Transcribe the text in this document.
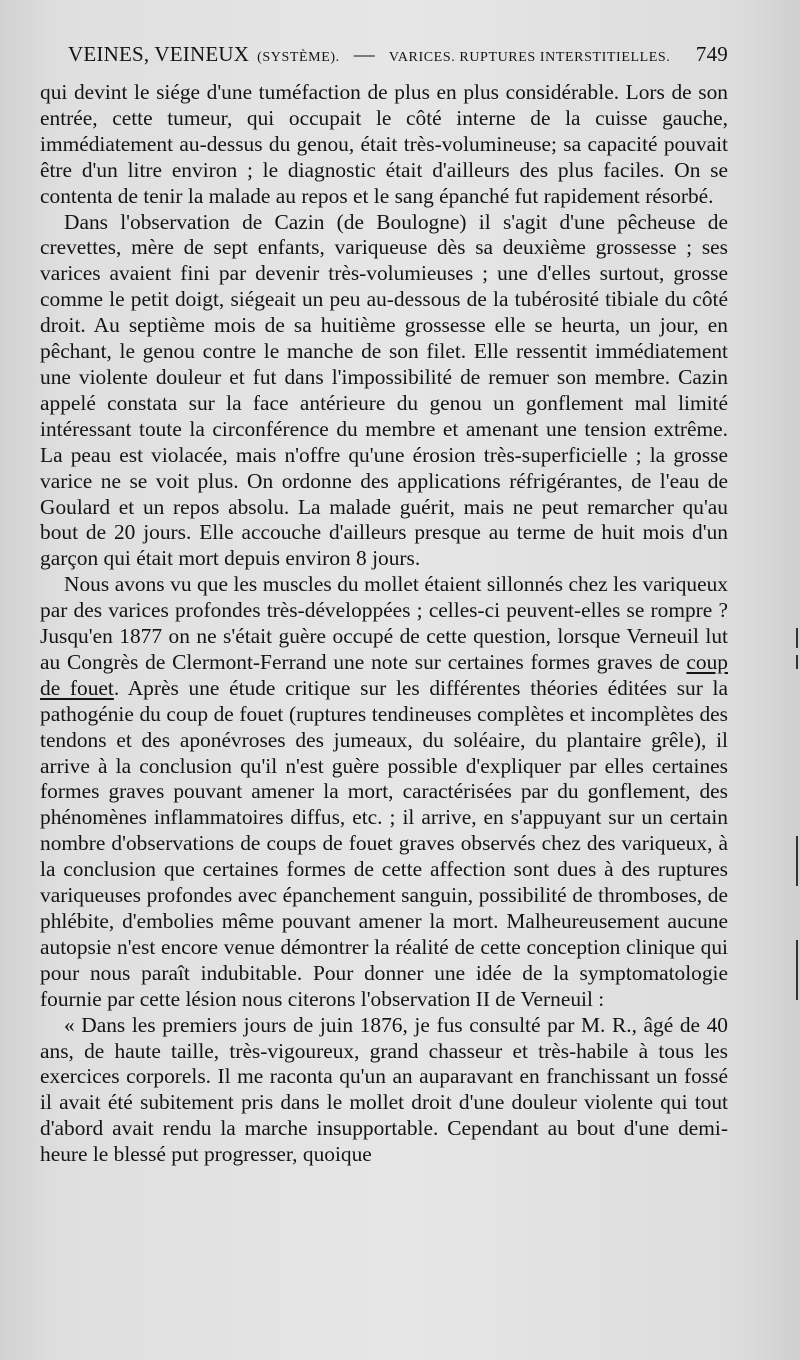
VEINES, VEINEUX (SYSTÈME). —	VARICES. RUPTURES INTERSTITIELLES. 749

qui devint le siége d'une tuméfaction de plus en plus considérable. Lors de son entrée, cette tumeur, qui occupait le côté interne de la cuisse gauche, immédiatement au-dessus du genou, était très-volumineuse; sa capacité pouvait être d'un litre environ ; le diagnostic était d'ailleurs des plus faciles. On se contenta de tenir la malade au repos et le sang épanché fut rapidement résorbé.

Dans l'observation de Cazin (de Boulogne) il s'agit d'une pêcheuse de crevettes, mère de sept enfants, variqueuse dès sa deuxième grossesse ; ses varices avaient fini par devenir très-volumieuses ; une d'elles surtout, grosse comme le petit doigt, siégeait un peu au-dessous de la tubérosité tibiale du côté droit. Au septième mois de sa huitième grossesse elle se heurta, un jour, en pêchant, le genou contre le manche de son filet. Elle ressentit immédiatement une violente douleur et fut dans l'impossibilité de remuer son membre. Cazin appelé constata sur la face antérieure du genou un gonflement mal limité intéressant toute la circonférence du membre et amenant une tension extrême. La peau est violacée, mais n'offre qu'une érosion très-superficielle ; la grosse varice ne se voit plus. On ordonne des applications réfrigérantes, de l'eau de Goulard et un repos absolu. La malade guérit, mais ne peut remarcher qu'au bout de 20 jours. Elle accouche d'ailleurs presque au terme de huit mois d'un garçon qui était mort depuis environ 8 jours.

Nous avons vu que les muscles du mollet étaient sillonnés chez les variqueux par des varices profondes très-développées ; celles-ci peuvent-elles se rompre ? Jusqu'en 1877 on ne s'était guère occupé de cette question, lorsque Verneuil lut au Congrès de Clermont-Ferrand une note sur certaines formes graves de coup de fouet. Après une étude critique sur les différentes théories éditées sur la pathogénie du coup de fouet (ruptures tendineuses complètes et incomplètes des tendons et des aponévroses des jumeaux, du soléaire, du plantaire grêle), il arrive à la conclusion qu'il n'est guère possible d'expliquer par elles certaines formes graves pouvant amener la mort, caractérisées par du gonflement, des phénomènes inflammatoires diffus, etc. ; il arrive, en s'appuyant sur un certain nombre d'observations de coups de fouet graves observés chez des variqueux, à la conclusion que certaines formes de cette affection sont dues à des ruptures variqueuses profondes avec épanchement sanguin, possibilité de thromboses, de phlébite, d'embolies même pouvant amener la mort. Malheureusement aucune autopsie n'est encore venue démontrer la réalité de cette conception clinique qui pour nous paraît indubitable. Pour donner une idée de la symptomatologie fournie par cette lésion nous citerons l'observation II de Verneuil :

« Dans les premiers jours de juin 1876, je fus consulté par M. R., âgé de 40 ans, de haute taille, très-vigoureux, grand chasseur et très-habile à tous les exercices corporels. Il me raconta qu'un an auparavant en franchissant un fossé il avait été subitement pris dans le mollet droit d'une douleur violente qui tout d'abord avait rendu la marche insupportable. Cependant au bout d'une demi-heure le blessé put progresser, quoique
